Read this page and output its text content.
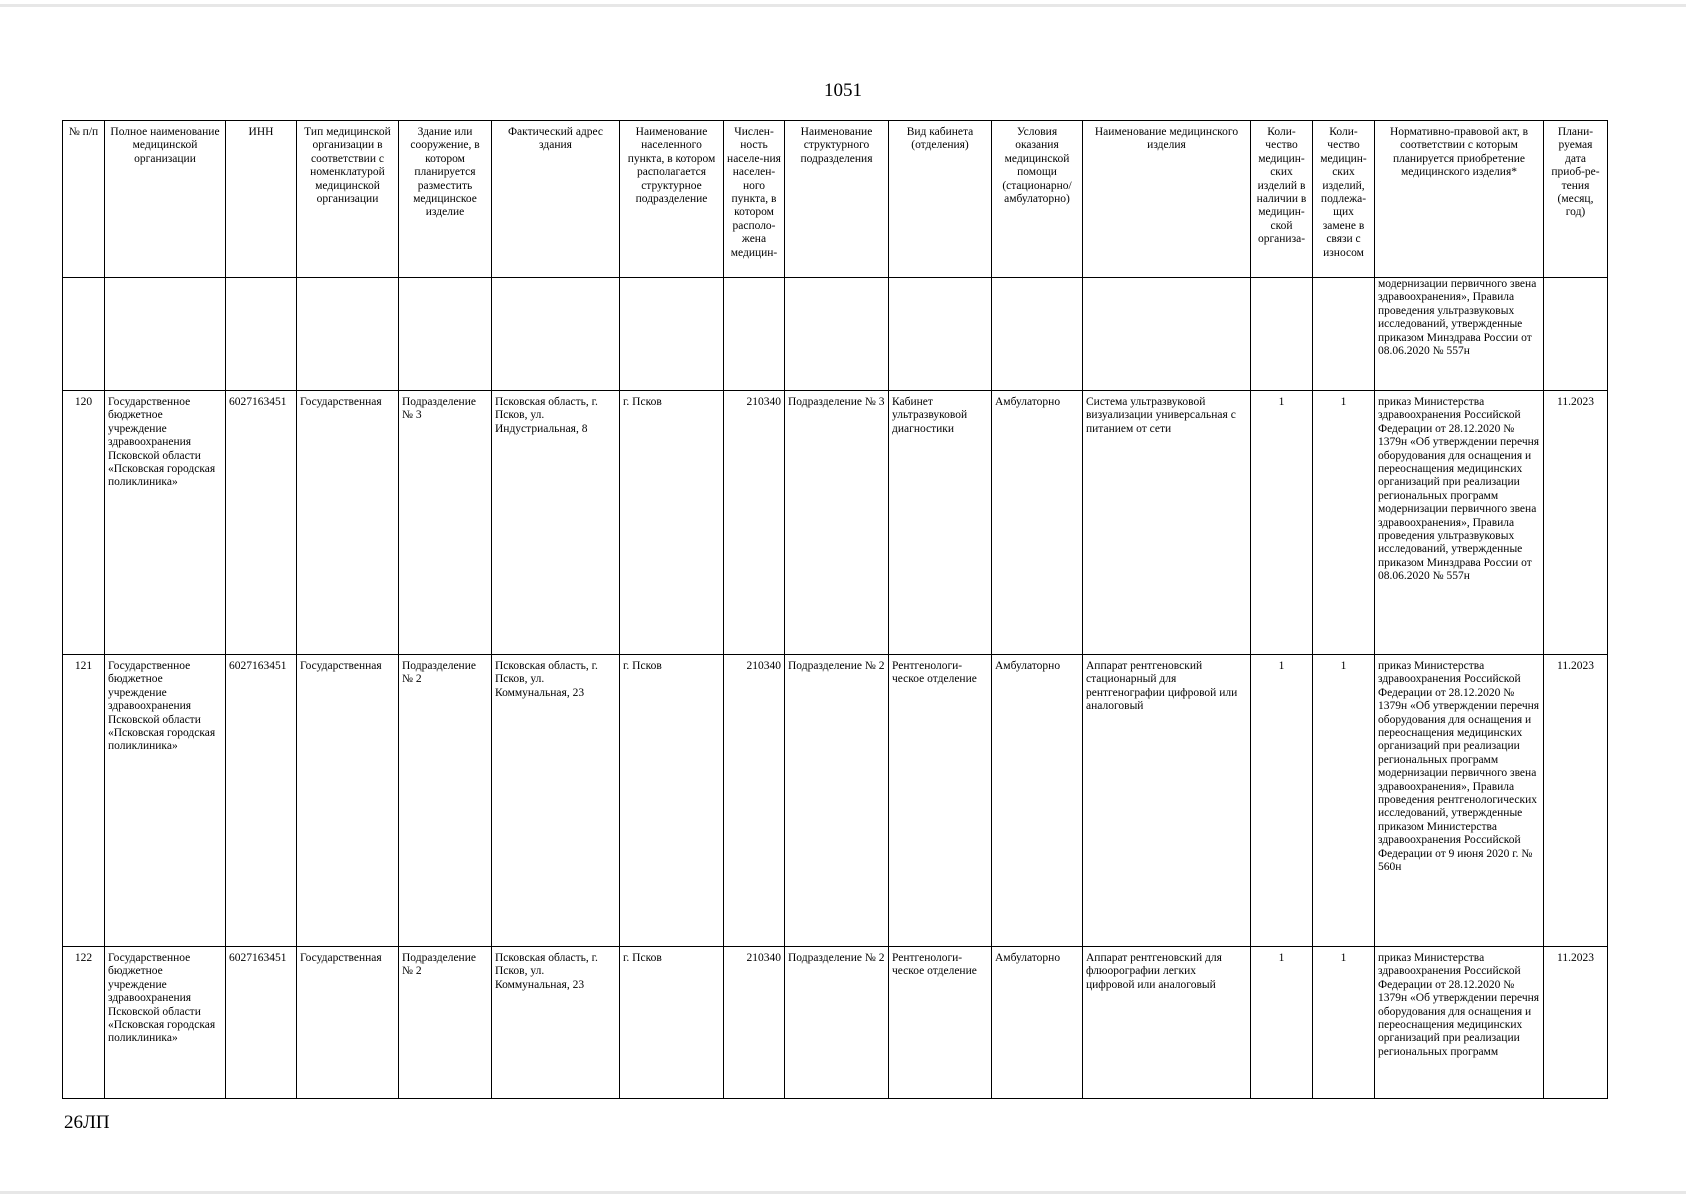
1051
№ п/п	Полное наименование медицинской организации	ИНН	Тип медицинской организации в соответствии с номенклатурой медицинской организации	Здание или сооружение, в котором планируется разместить медицинское изделие	Фактический адрес здания	Наименование населенного пункта, в котором располагается структурное подразделение	Числен-ность населе-ния населен-ного пункта, в котором располо-жена медицин-	Наименование структурного подразделения	Вид кабинета (отделения)	Условия оказания медицинской помощи (стационарно/ амбулаторно)	Наименование медицинского изделия	Коли-чество медицин-ских изделий в наличии в медицин-ской организа-	Коли-чество медицин-ских изделий, подлежа-щих замене в связи с износом	Нормативно-правовой акт, в соответствии с которым планируется приобретение медицинского изделия*	Плани-руемая дата приоб-ре-тения (месяц, год)
														модернизации первичного звена здравоохранения», Правила проведения ультразвуковых исследований, утвержденные приказом Минздрава России от 08.06.2020 № 557н	
120	Государственное бюджетное учреждение здравоохранения Псковской области «Псковская городская поликлиника»	6027163451	Государственная	Подразделение № 3	Псковская область, г. Псков, ул. Индустриальная, 8	г. Псков	210340	Подразделение № 3	Кабинет ультразвуковой диагностики	Амбулаторно	Система ультразвуковой визуализации универсальная с питанием от сети	1	1	приказ Министерства здравоохранения Российской Федерации от 28.12.2020 № 1379н «Об утверждении перечня оборудования для оснащения и переоснащения медицинских организаций при реализации региональных программ модернизации первичного звена здравоохранения», Правила проведения ультразвуковых исследований, утвержденные приказом Минздрава России от 08.06.2020 № 557н	11.2023
121	Государственное бюджетное учреждение здравоохранения Псковской области «Псковская городская поликлиника»	6027163451	Государственная	Подразделение № 2	Псковская область, г. Псков, ул. Коммунальная, 23	г. Псков	210340	Подразделение № 2	Рентгенологи-ческое отделение	Амбулаторно	Аппарат рентгеновский стационарный для рентгенографии цифровой или аналоговый	1	1	приказ Министерства здравоохранения Российской Федерации от 28.12.2020 № 1379н «Об утверждении перечня оборудования для оснащения и переоснащения медицинских организаций при реализации региональных программ модернизации первичного звена здравоохранения», Правила проведения рентгенологических исследований, утвержденные приказом Министерства здравоохранения Российской Федерации от 9 июня 2020 г. № 560н	11.2023
122	Государственное бюджетное учреждение здравоохранения Псковской области «Псковская городская поликлиника»	6027163451	Государственная	Подразделение № 2	Псковская область, г. Псков, ул. Коммунальная, 23	г. Псков	210340	Подразделение № 2	Рентгенологи-ческое отделение	Амбулаторно	Аппарат рентгеновский для флюорографии легких цифровой или аналоговый	1	1	приказ Министерства здравоохранения Российской Федерации от 28.12.2020 № 1379н «Об утверждении перечня оборудования для оснащения и переоснащения медицинских организаций при реализации региональных программ	11.2023
26ЛП
